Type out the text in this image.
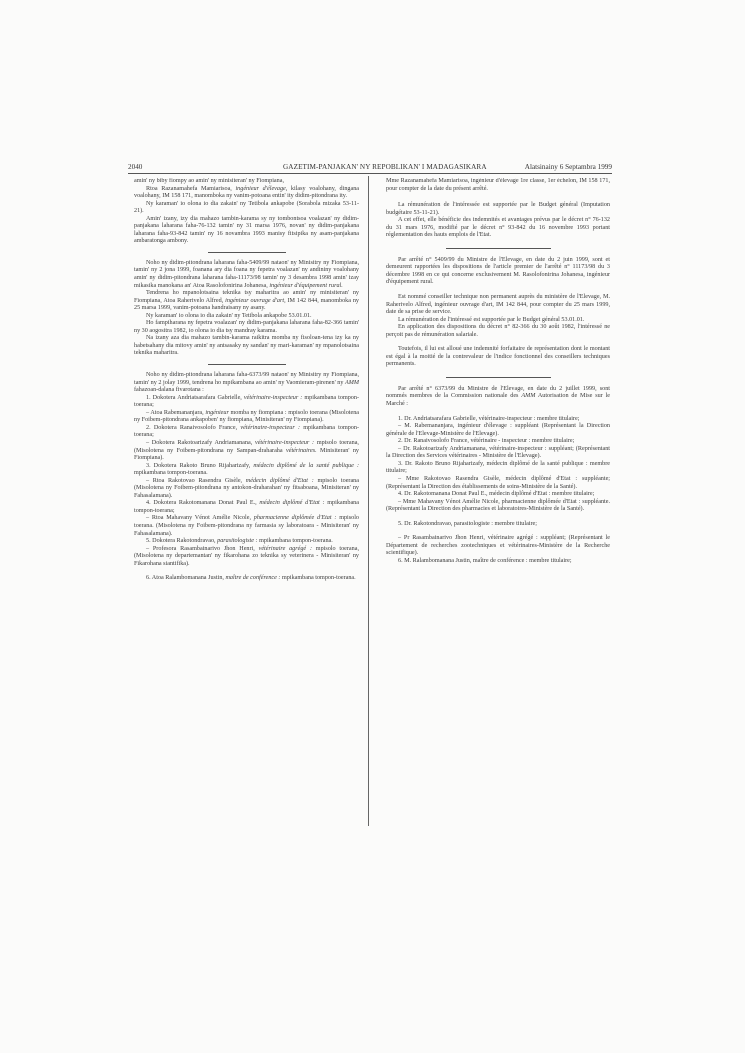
2040	GAZETIM-PANJAKAN' NY REPOBLIKAN' I MADAGASIKARA	Alatsinainy 6 Septambra 1999

amin' ny biby fiompy ao amin' ny minisiteran' ny Fiompiana,

Rtoa Razanamahefa Mamiarisoa, ingénieur d'élevage, kilasy voalohany, dingana voalohany, IM 158 171, manomboka ny vanim-potoana entin' ity didim-pitondrana ity.

Ny karaman' io olona io dia zakain' ny Tetibola ankapobe (Sorabola mizaka 53-11-21).

Amin' izany, izy dia mahazo tambin-karama sy ny tombontsoa voalazan' ny didim-panjakana laharana faha-76-132 tamin' ny 31 marsa 1976, novan' ny didim-panjakana laharana faha-93-842 tamin' ny 16 novambra 1993 manisy fitsipika ny asam-panjakana ambaratonga ambony.

Noho ny didim-pitondrana laharana faha-5409/99 nataon' ny Minisitry ny Fiompiana, tamin' ny 2 jona 1999, foanana ary dia foana ny fepetra voalazan' ny andininy voalohany amin' ny didim-pitondrana laharana faha-11173/98 tamin' ny 3 desambra 1998 amin' izay mikasika manokana an' Atoa Rasolofonirina Johanesa, ingénieur d'équipement rural.

Tendrena ho mpanolotsaina teknika tsy maharitra ao amin' ny minisiteran' ny Fiompiana, Atoa Raherivelo Alfred, ingénieur ouvrage d'art, IM 142 844, manomboka ny 25 marsa 1999, vanim-potoana handraisany ny asany.

Ny karaman' io olona io dia zakain' ny Tetibola ankapobe 53.01.01.

Ho fampiharana ny fepetra voalazan' ny didim-panjakana laharana faha-82-366 tamin' ny 30 aogositra 1982, io olona io dia tsy mandray karama.

Na izany aza dia mahazo tambin-karama raikitra momba ny fisoloan-tena izy ka ny habetsahany dia mitovy amin' ny antsasaky ny sandan' ny mari-karaman' ny mpanolotsaina teknika maharitra.

Noho ny didim-pitondrana laharana faha-6373/99 nataon' ny Minisitry ny Fiompiana, tamin' ny 2 jolay 1999, tendrena ho mpikambana ao amin' ny Vaomieram-pirenen' ny AMM fahazoan-dalana fivarotana :

1. Dokotera Andriatsarafara Gabrielle, vétérinaire-inspecteur : mpikambana tompon-toerana;

– Atoa Rabemananjara, ingénieur momba ny fiompiana : mpisolo toerana (Misolotena ny Foibem-pitondrana ankapoben' ny fiompiana, Minisiteran' ny Fiompiana).

2. Dokotera Ranaivosolofo France, vétérinaire-inspecteur : mpikambana tompon-toerana;

– Dokotera Rakotoarizafy Andriamanana, vétérinaire-inspecteur : mpisolo toerana, (Misolotena ny Foibem-pitondrana ny Sampan-draharaha vétérinaires. Minisiteran' ny Fiompiana).

3. Dokotera Rakoto Bruno Rijaharizafy, médecin diplômé de la santé publique : mpikambana tompon-toerana.

– Rtoa Rakotovao Rasendra Gisèle, médecin diplômé d'Etat : mpisolo toerana (Misolotena ny Foibem-pitondrana ny antokon-draharahan' ny fitsaboana, Minisiteran' ny Fahasalamana).

4. Dokotera Rakotomanana Donat Paul E., médecin diplômé d'Etat : mpikambana tompon-toerana;

– Rtoa Mahavany Vénot Amélie Nicole, pharmacienne diplômée d'Etat : mpisolo toerana. (Misolotena ny Foibem-pitondrana ny farmasia sy laboratoara - Minisiteran' ny Fahasalamana).

5. Dokotera Rakotondravao, parasitologiste : mpikambana tompon-toerana.

– Profesora Rasambainarivo Jhon Henri, vétérinaire agrégé : mpisolo toerana, (Misolotena ny departemantan' ny fikarohana zo teknika sy veterinera - Minisiteran' ny Fikarohana siantifika).

6. Atoa Ralambomanana Justin, maître de conférence : mpikambana tompon-toerana.

Mme Razanamahefa Mamiarisoa, ingénieur d'élevage 1re classe, 1er échelon, IM 158 171, pour compter de la date du présent arrêté.

La rémunération de l'intéressée est supportée par le Budget général (Imputation budgétaire 53-11-21).

A cet effet, elle bénéficie des indemnités et avantages prévus par le décret n° 76-132 du 31 mars 1976, modifié par le décret n° 93-842 du 16 novembre 1993 portant réglementation des hauts emplois de l'Etat.

Par arrêté n° 5409/99 du Ministre de l'Elevage, en date du 2 juin 1999, sont et demeurent rapportées les dispositions de l'article premier de l'arrêté n° 11173/98 du 3 décembre 1998 en ce qui concerne exclusivement M. Rasolofonirina Johanesa, ingénieur d'équipement rural.

Est nommé conseiller technique non permanent auprès du ministère de l'Elevage, M. Raherivelo Alfred, ingénieur ouvrage d'art, IM 142 844, pour compter du 25 mars 1999, date de sa prise de service.

La rémunération de l'intéressé est supportée par le Budget général 53.01.01.

En application des dispositions du décret n° 82-366 du 30 août 1982, l'intéressé ne perçoit pas de rémunération salariale.

Toutefois, il lui est alloué une indemnité forfaitaire de représentation dont le montant est égal à la moitié de la contrevaleur de l'indice fonctionnel des conseillers techniques permanents.

Par arrêté n° 6373/99 du Ministre de l'Elevage, en date du 2 juillet 1999, sont nommés membres de la Commission nationale des AMM Autorisation de Mise sur le Marché :

1. Dr. Andriatsarafara Gabrielle, vétérinaire-inspecteur : membre titulaire;

– M. Rabemananjara, ingénieur d'élevage : suppléant (Représentant la Direction générale de l'Elevage-Ministère de l'Elevage).

2. Dr. Ranaivosolofo France, vétérinaire - inspecteur : membre titulaire;

– Dr. Rakotoarizafy Andriamanana, vétérinaire-inspecteur : suppléant; (Représentant la Direction des Services vétérinaires - Ministère de l'Elevage).

3. Dr. Rakoto Bruno Rijaharizafy, médecin diplômé de la santé publique : membre titulaire;

– Mme Rakotovao Rasendra Gisèle, médecin diplômé d'Etat : suppléante; (Représentant la Direction des établissements de soins-Ministère de la Santé).

4. Dr. Rakotomanana Donat Paul E., médecin diplômé d'Etat : membre titulaire;

– Mme Mahavany Vénot Amélie Nicole, pharmacienne diplômée d'Etat : suppléante.(Représentant la Direction des pharmacies et laboratoires-Ministère de la Santé).

5. Dr. Rakotondravao, parasitologiste : membre titulaire;

– Pr Rasambainarivo Jhon Henri, vétérinaire agrégé : suppléant; (Représentant le Département de recherches zootechniques et vétérinaires-Ministère de la Recherche scientifique).

6. M. Ralambomanana Justin, maître de conférence : membre titulaire;
